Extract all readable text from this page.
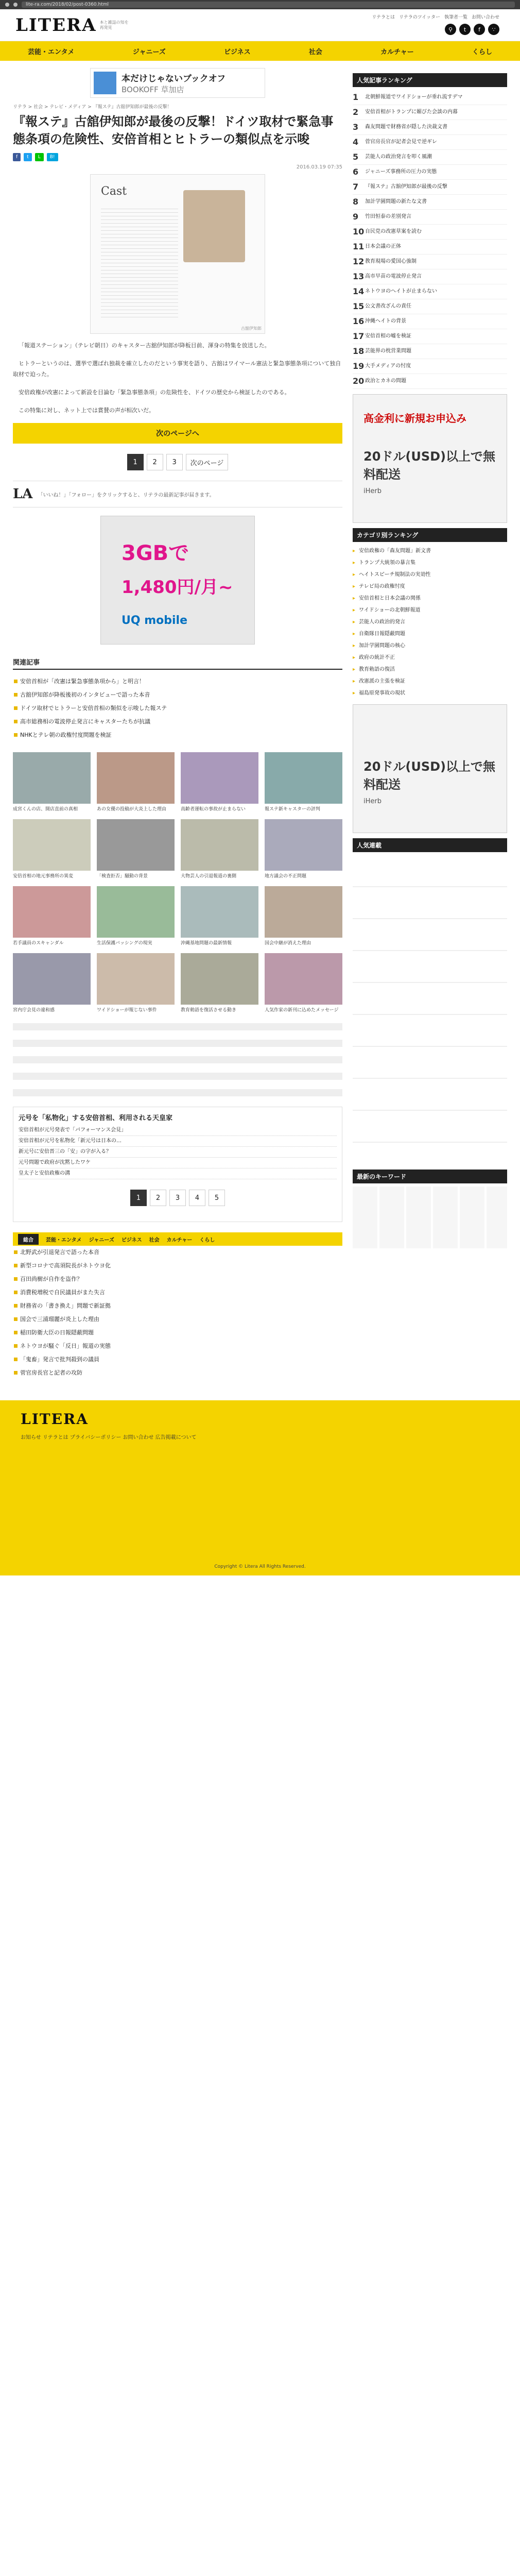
lite-ra.com/2018/02/post-0360.html
LITERA 本と雑誌の知を再発見
リテラとは リテラのツイッター 執筆者一覧 お問い合わせ
⚲	t	f	∵
芸能・エンタメ	ジャニーズ	ビジネス	社会	カルチャー	くらし
本だけじゃないブックオフ
BOOKOFF 草加店
リテラ > 社会 > テレビ・メディア > 『報ステ』古舘伊知郎が最後の反撃！
『報ステ』古舘伊知郎が最後の反撃！ドイツ取材で緊急事態条項の危険性、安倍首相とヒトラーの類似点を示唆
f	t	L	B!
2016.03.19 07:35
Cast
古舘伊知郎

「報道ステーション」（テレビ朝日）のキャスター古舘伊知郎が降板目前、渾身の特集を放送した。

ヒトラーというのは、選挙で選ばれ独裁を確立したのだという事実を語り、古舘はワイマール憲法と緊急事態条項について独自取材で迫った。

安倍政権が改憲によって新設を目論む「緊急事態条項」の危険性を、ドイツの歴史から検証したのである。

この特集に対し、ネット上では賞賛の声が相次いだ。

次のページへ
1	2	3	次のページ
LA 「いいね！」「フォロー」をクリックすると、リテラの最新記事が届きます。
3GBで
1,480円/月~
UQ mobile
関連記事
安倍首相が「改憲は緊急事態条項から」と明言！
古舘伊知郎が降板後初のインタビューで語った本音
ドイツ取材でヒトラーと安倍首相の類似を示唆した報ステ
高市総務相の電波停止発言にキャスターたちが抗議
NHKとテレ朝の政権忖度問題を検証

成宮くんの店、開店直前の真相	あの女優の投稿が大炎上した理由	高齢者運転の事故が止まらない	報ステ新キャスターの評判

安倍首相の地元事務所の異変	「検査拒否」騒動の背景	大物芸人の引退報道の裏側	地方議会の不正問題

若手議員のスキャンダル	生活保護バッシングの現実	沖縄基地問題の最新情報	国会中継が消えた理由

宮内庁会見の違和感	ワイドショーが報じない事件	教育勅語を復活させる動き	人気作家の新刊に込めたメッセージ

元号を「私物化」する安倍首相、利用される天皇家
安倍首相が元号発表で「パフォーマンス会見」
安倍首相が元号を私物化「新元号は日本の…
新元号に安倍晋三の「安」の字が入る？
元号問題で政府が沈黙したワケ
皇太子と安倍政権の溝
1	2	3	4	5
総合	芸能・エンタメ ジャニーズ ビジネス 社会 カルチャー くらし
北野武が引退発言で語った本音
新型コロナで高須院長がネトウヨ化
百田尚樹が自作を盗作？
消費税増税で自民議員がまた失言
財務省の「書き換え」問題で新証拠
国会で三浦瑠麗が炎上した理由
稲田防衛大臣の日報隠蔽問題
ネトウヨが騒ぐ「反日」報道の実態
「鬼畜」発言で批判殺到の議員
菅官房長官と記者の攻防
人気記事ランキング
1 北朝鮮報道でワイドショーが垂れ流すデマ
2 安倍首相がトランプに媚びた会談の内幕
3 森友問題で財務省が隠した決裁文書
4 菅官房長官が記者会見で逆ギレ
5 芸能人の政治発言を叩く風潮
6 ジャニーズ事務所の圧力の実態
7 『報ステ』古舘伊知郎が最後の反撃
8 加計学園問題の新たな文書
9 竹田恒泰の差別発言
10 自民党の改憲草案を読む
11 日本会議の正体
12 教育現場の愛国心強制
13 高市早苗の電波停止発言
14 ネトウヨのヘイトが止まらない
15 公文書改ざんの責任
16 沖縄ヘイトの背景
17 安倍首相の嘘を検証
18 芸能界の枕営業問題
19 大手メディアの忖度
20 政治とカネの問題
高金利に新規お申込み
20ドル(USD)以上で無料配送
iHerb
カテゴリ別ランキング
▸ 安倍政権の「森友問題」新文書
▸ トランプ大統領の暴言集
▸ ヘイトスピーチ規制法の実効性
▸ テレビ局の政権忖度
▸ 安倍首相と日本会議の関係
▸ ワイドショーの北朝鮮報道
▸ 芸能人の政治的発言
▸ 自衛隊日報隠蔽問題
▸ 加計学園問題の核心
▸ 政府の統計不正
▸ 教育勅語の復活
▸ 改憲派の主張を検証
▸ 福島原発事故の現状
20ドル(USD)以上で無料配送
iHerb
人気連載
最新のキーワード
LITERA
お知らせ リテラとは プライバシーポリシー お問い合わせ 広告掲載について
Copyright © Litera All Rights Reserved.
